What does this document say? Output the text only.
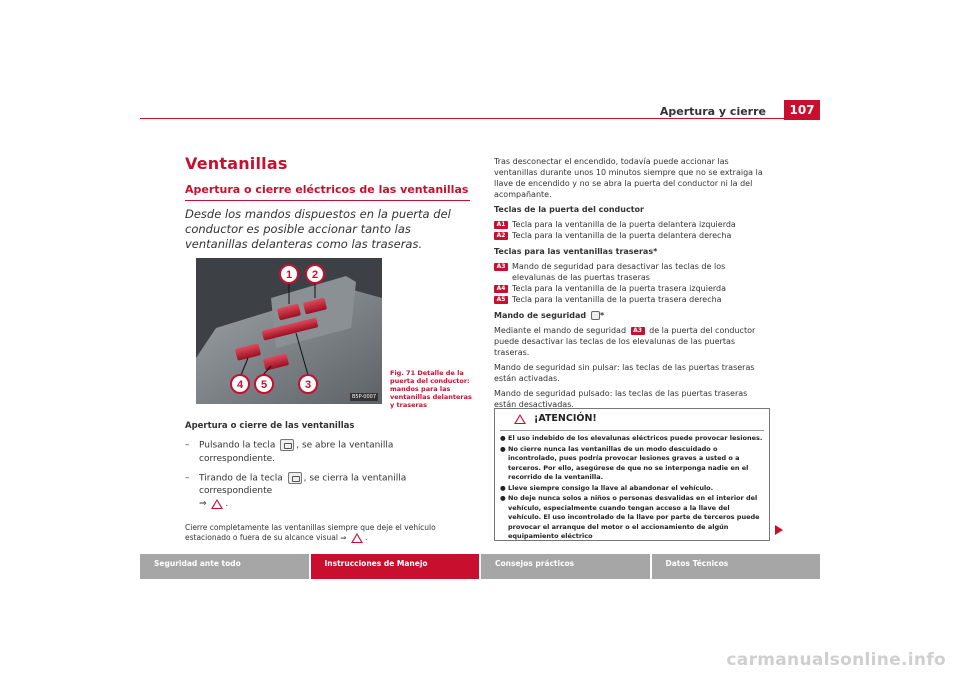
Apertura y cierre	107
Ventanillas
Apertura o cierre eléctricos de las ventanillas
Desde los mandos dispuestos en la puerta del conductor es posible accionar tanto las ventanillas delanteras como las traseras.
1 2
3
4 5
B5P-0007
Fig. 71 Detalle de la puerta del conductor: mandos para las ventanillas delanteras y traseras
Apertura o cierre de las ventanillas
–	Pulsando la tecla , se abre la ventanilla correspondiente.
–	Tirando de la tecla , se cierra la ventanilla correspondiente
⇒ .
Cierre completamente las ventanillas siempre que deje el vehículo estacionado o fuera de su alcance visual ⇒ .

Tras desconectar el encendido, todavía puede accionar las ventanillas durante unos 10 minutos siempre que no se extraiga la llave de encendido y no se abra la puerta del conductor ni la del acompañante.

Teclas de la puerta del conductor

A1 Tecla para la ventanilla de la puerta delantera izquierda
A2 Tecla para la ventanilla de la puerta delantera derecha

Teclas para las ventanillas traseras*

A3 Mando de seguridad para desactivar las teclas de los elevalunas de las puertas traseras
A4 Tecla para la ventanilla de la puerta trasera izquierda
A5 Tecla para la ventanilla de la puerta trasera derecha

Mando de seguridad *

Mediante el mando de seguridad A3 de la puerta del conductor puede desactivar las teclas de los elevalunas de las puertas traseras.

Mando de seguridad sin pulsar: las teclas de las puertas traseras están activadas.

Mando de seguridad pulsado: las teclas de las puertas traseras están desactivadas.

¡ATENCIÓN!
● El uso indebido de los elevalunas eléctricos puede provocar lesiones.
● No cierre nunca las ventanillas de un modo descuidado o incontrolado, pues podría provocar lesiones graves a usted o a terceros. Por ello, asegúrese de que no se interponga nadie en el recorrido de la ventanilla.
● Lleve siempre consigo la llave al abandonar el vehículo.
● No deje nunca solos a niños o personas desvalidas en el interior del vehículo, especialmente cuando tengan acceso a la llave del vehículo. El uso incontrolado de la llave por parte de terceros puede provocar el arranque del motor o el accionamiento de algún equipamiento eléctrico
Seguridad ante todo	Instrucciones de Manejo	Consejos prácticos	Datos Técnicos
carmanualsonline.info
